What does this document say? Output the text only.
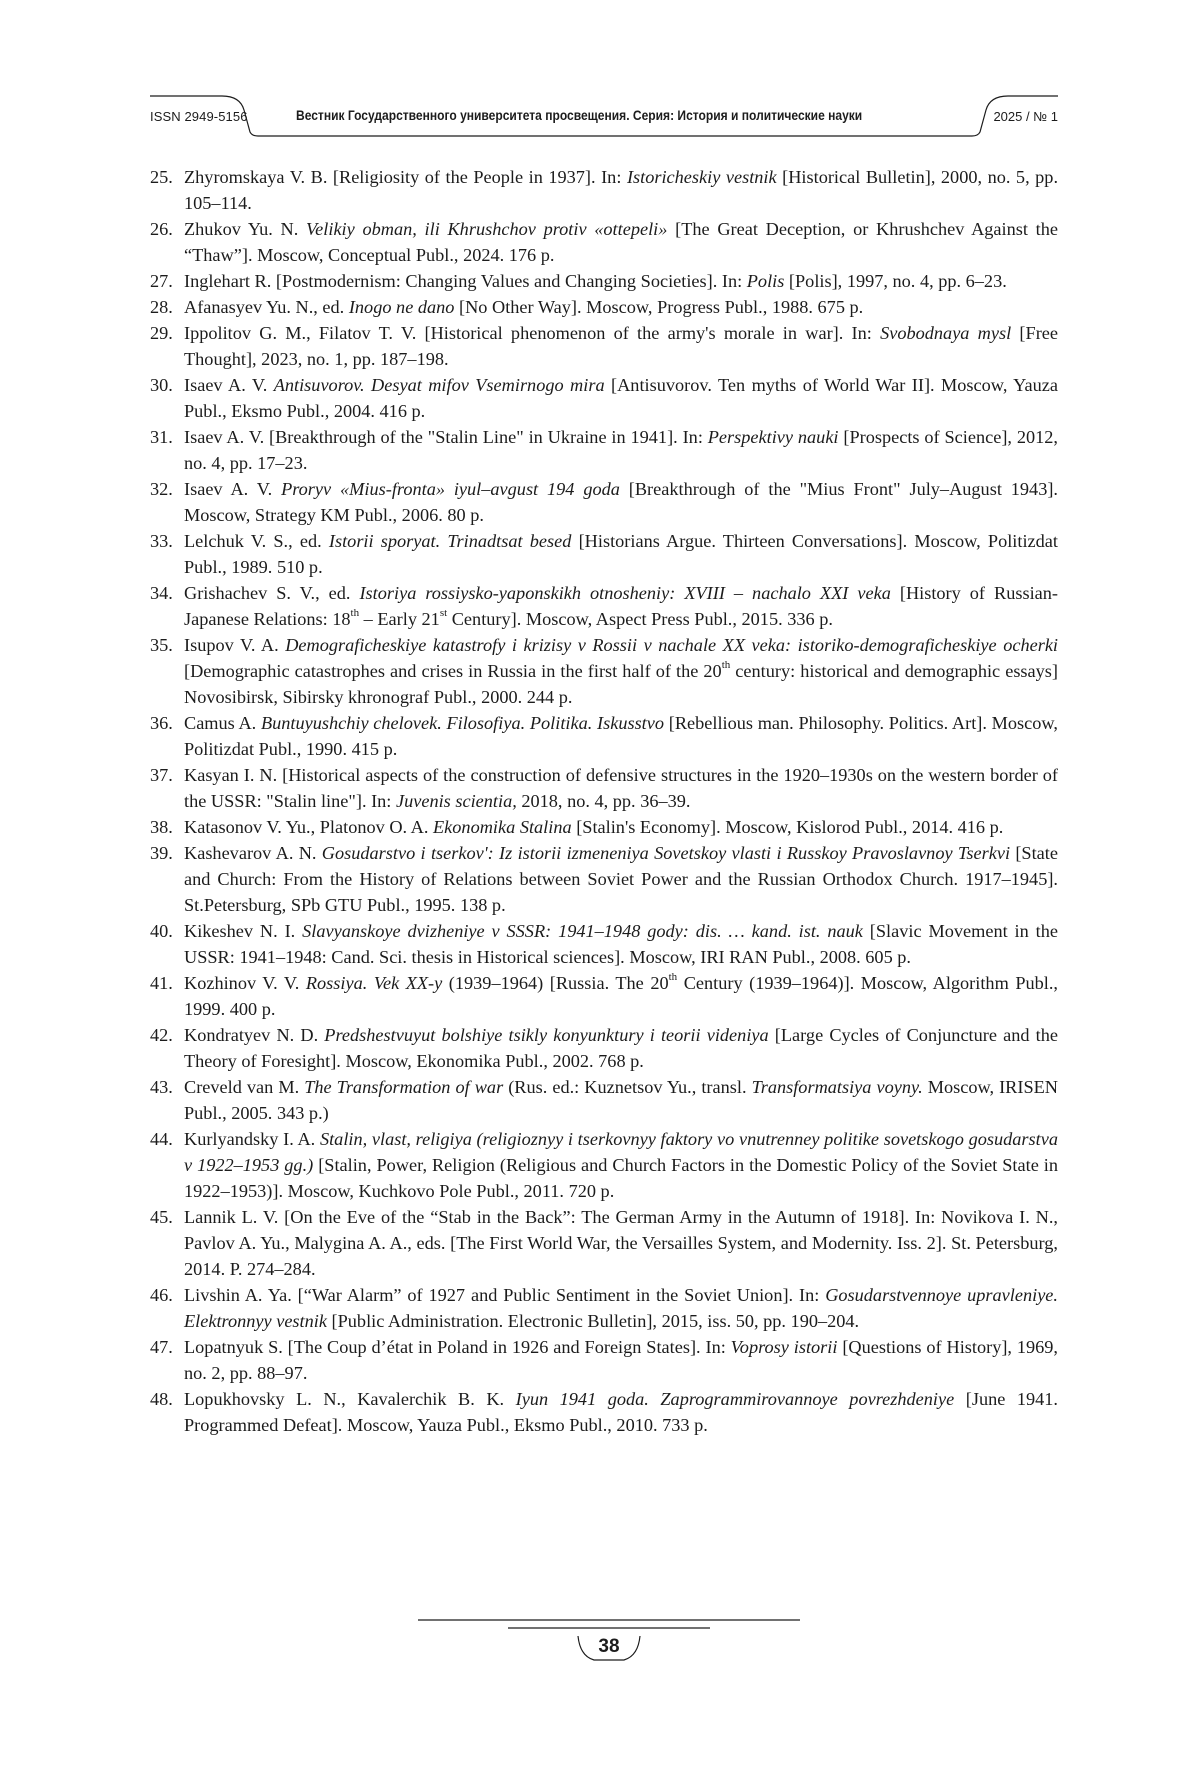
ISSN 2949-5156	Вестник Государственного университета просвещения. Серия: История и политические науки	2025 / № 1

25. Zhyromskaya V. B. [Religiosity of the People in 1937]. In: Istoricheskiy vestnik [Historical Bulletin], 2000, no. 5, pp. 105–114.

26. Zhukov Yu. N. Velikiy obman, ili Khrushchov protiv «ottepeli» [The Great Deception, or Khrushchev Against the “Thaw”]. Moscow, Conceptual Publ., 2024. 176 p.

27. Inglehart R. [Postmodernism: Changing Values and Changing Societies]. In: Polis [Polis], 1997, no. 4, pp. 6–23.

28. Afanasyev Yu. N., ed. Inogo ne dano [No Other Way]. Moscow, Progress Publ., 1988. 675 p.

29. Ippolitov G. M., Filatov T. V. [Historical phenomenon of the army's morale in war]. In: Svobodnaya mysl [Free Thought], 2023, no. 1, pp. 187–198.

30. Isaev A. V. Antisuvorov. Desyat mifov Vsemirnogo mira [Antisuvorov. Ten myths of World War II]. Moscow, Yauza Publ., Eksmo Publ., 2004. 416 p.

31. Isaev A. V. [Breakthrough of the "Stalin Line" in Ukraine in 1941]. In: Perspektivy nauki [Prospects of Science], 2012, no. 4, pp. 17–23.

32. Isaev A. V. Proryv «Mius-fronta» iyul–avgust 194 goda [Breakthrough of the "Mius Front" July–August 1943]. Moscow, Strategy KM Publ., 2006. 80 p.

33. Lelchuk V. S., ed. Istorii sporyat. Trinadtsat besed [Historians Argue. Thirteen Conversations]. Moscow, Politizdat Publ., 1989. 510 p.

34. Grishachev S. V., ed. Istoriya rossiysko-yaponskikh otnosheniy: XVIII – nachalo XXI veka [History of Russian-Japanese Relations: 18th – Early 21st Century]. Moscow, Aspect Press Publ., 2015. 336 p.

35. Isupov V. A. Demograficheskiye katastrofy i krizisy v Rossii v nachale XX veka: istoriko-demograficheskiye ocherki [Demographic catastrophes and crises in Russia in the first half of the 20th century: historical and demographic essays] Novosibirsk, Sibirsky khronograf Publ., 2000. 244 p.

36. Camus A. Buntuyushchiy chelovek. Filosofiya. Politika. Iskusstvo [Rebellious man. Philosophy. Politics. Art]. Moscow, Politizdat Publ., 1990. 415 p.

37. Kasyan I. N. [Historical aspects of the construction of defensive structures in the 1920–1930s on the western border of the USSR: "Stalin line"]. In: Juvenis scientia, 2018, no. 4, pp. 36–39.

38. Katasonov V. Yu., Platonov O. A. Ekonomika Stalina [Stalin's Economy]. Moscow, Kislorod Publ., 2014. 416 p.

39. Kashevarov A. N. Gosudarstvo i tserkov': Iz istorii izmeneniya Sovetskoy vlasti i Russkoy Pravoslavnoy Tserkvi [State and Church: From the History of Relations between Soviet Power and the Russian Orthodox Church. 1917–1945]. St.Petersburg, SPb GTU Publ., 1995. 138 p.

40. Kikeshev N. I. Slavyanskoye dvizheniye v SSSR: 1941–1948 gody: dis. … kand. ist. nauk [Slavic Movement in the USSR: 1941–1948: Cand. Sci. thesis in Historical sciences]. Moscow, IRI RAN Publ., 2008. 605 p.

41. Kozhinov V. V. Rossiya. Vek XX-y (1939–1964) [Russia. The 20th Century (1939–1964)]. Moscow, Algorithm Publ., 1999. 400 p.

42. Kondratyev N. D. Predshestvuyut bolshiye tsikly konyunktury i teorii videniya [Large Cycles of Conjuncture and the Theory of Foresight]. Moscow, Ekonomika Publ., 2002. 768 p.

43. Creveld van M. The Transformation of war (Rus. ed.: Kuznetsov Yu., transl. Transformatsiya voyny. Moscow, IRISEN Publ., 2005. 343 p.)

44. Kurlyandsky I. A. Stalin, vlast, religiya (religioznyy i tserkovnyy faktory vo vnutrenney politike sovetskogo gosudarstva v 1922–1953 gg.) [Stalin, Power, Religion (Religious and Church Factors in the Domestic Policy of the Soviet State in 1922–1953)]. Moscow, Kuchkovo Pole Publ., 2011. 720 p.

45. Lannik L. V. [On the Eve of the “Stab in the Back”: The German Army in the Autumn of 1918]. In: Novikova I. N., Pavlov A. Yu., Malygina A. A., eds. [The First World War, the Versailles System, and Modernity. Iss. 2]. St. Petersburg, 2014. P. 274–284.

46. Livshin A. Ya. [“War Alarm” of 1927 and Public Sentiment in the Soviet Union]. In: Gosudarstvennoye upravleniye. Elektronnyy vestnik [Public Administration. Electronic Bulletin], 2015, iss. 50, pp. 190–204.

47. Lopatnyuk S. [The Coup d’état in Poland in 1926 and Foreign States]. In: Voprosy istorii [Questions of History], 1969, no. 2, pp. 88–97.

48. Lopukhovsky L. N., Kavalerchik B. K. Iyun 1941 goda. Zaprogrammirovannoye povrezhdeniye [June 1941. Programmed Defeat]. Moscow, Yauza Publ., Eksmo Publ., 2010. 733 p.

38
